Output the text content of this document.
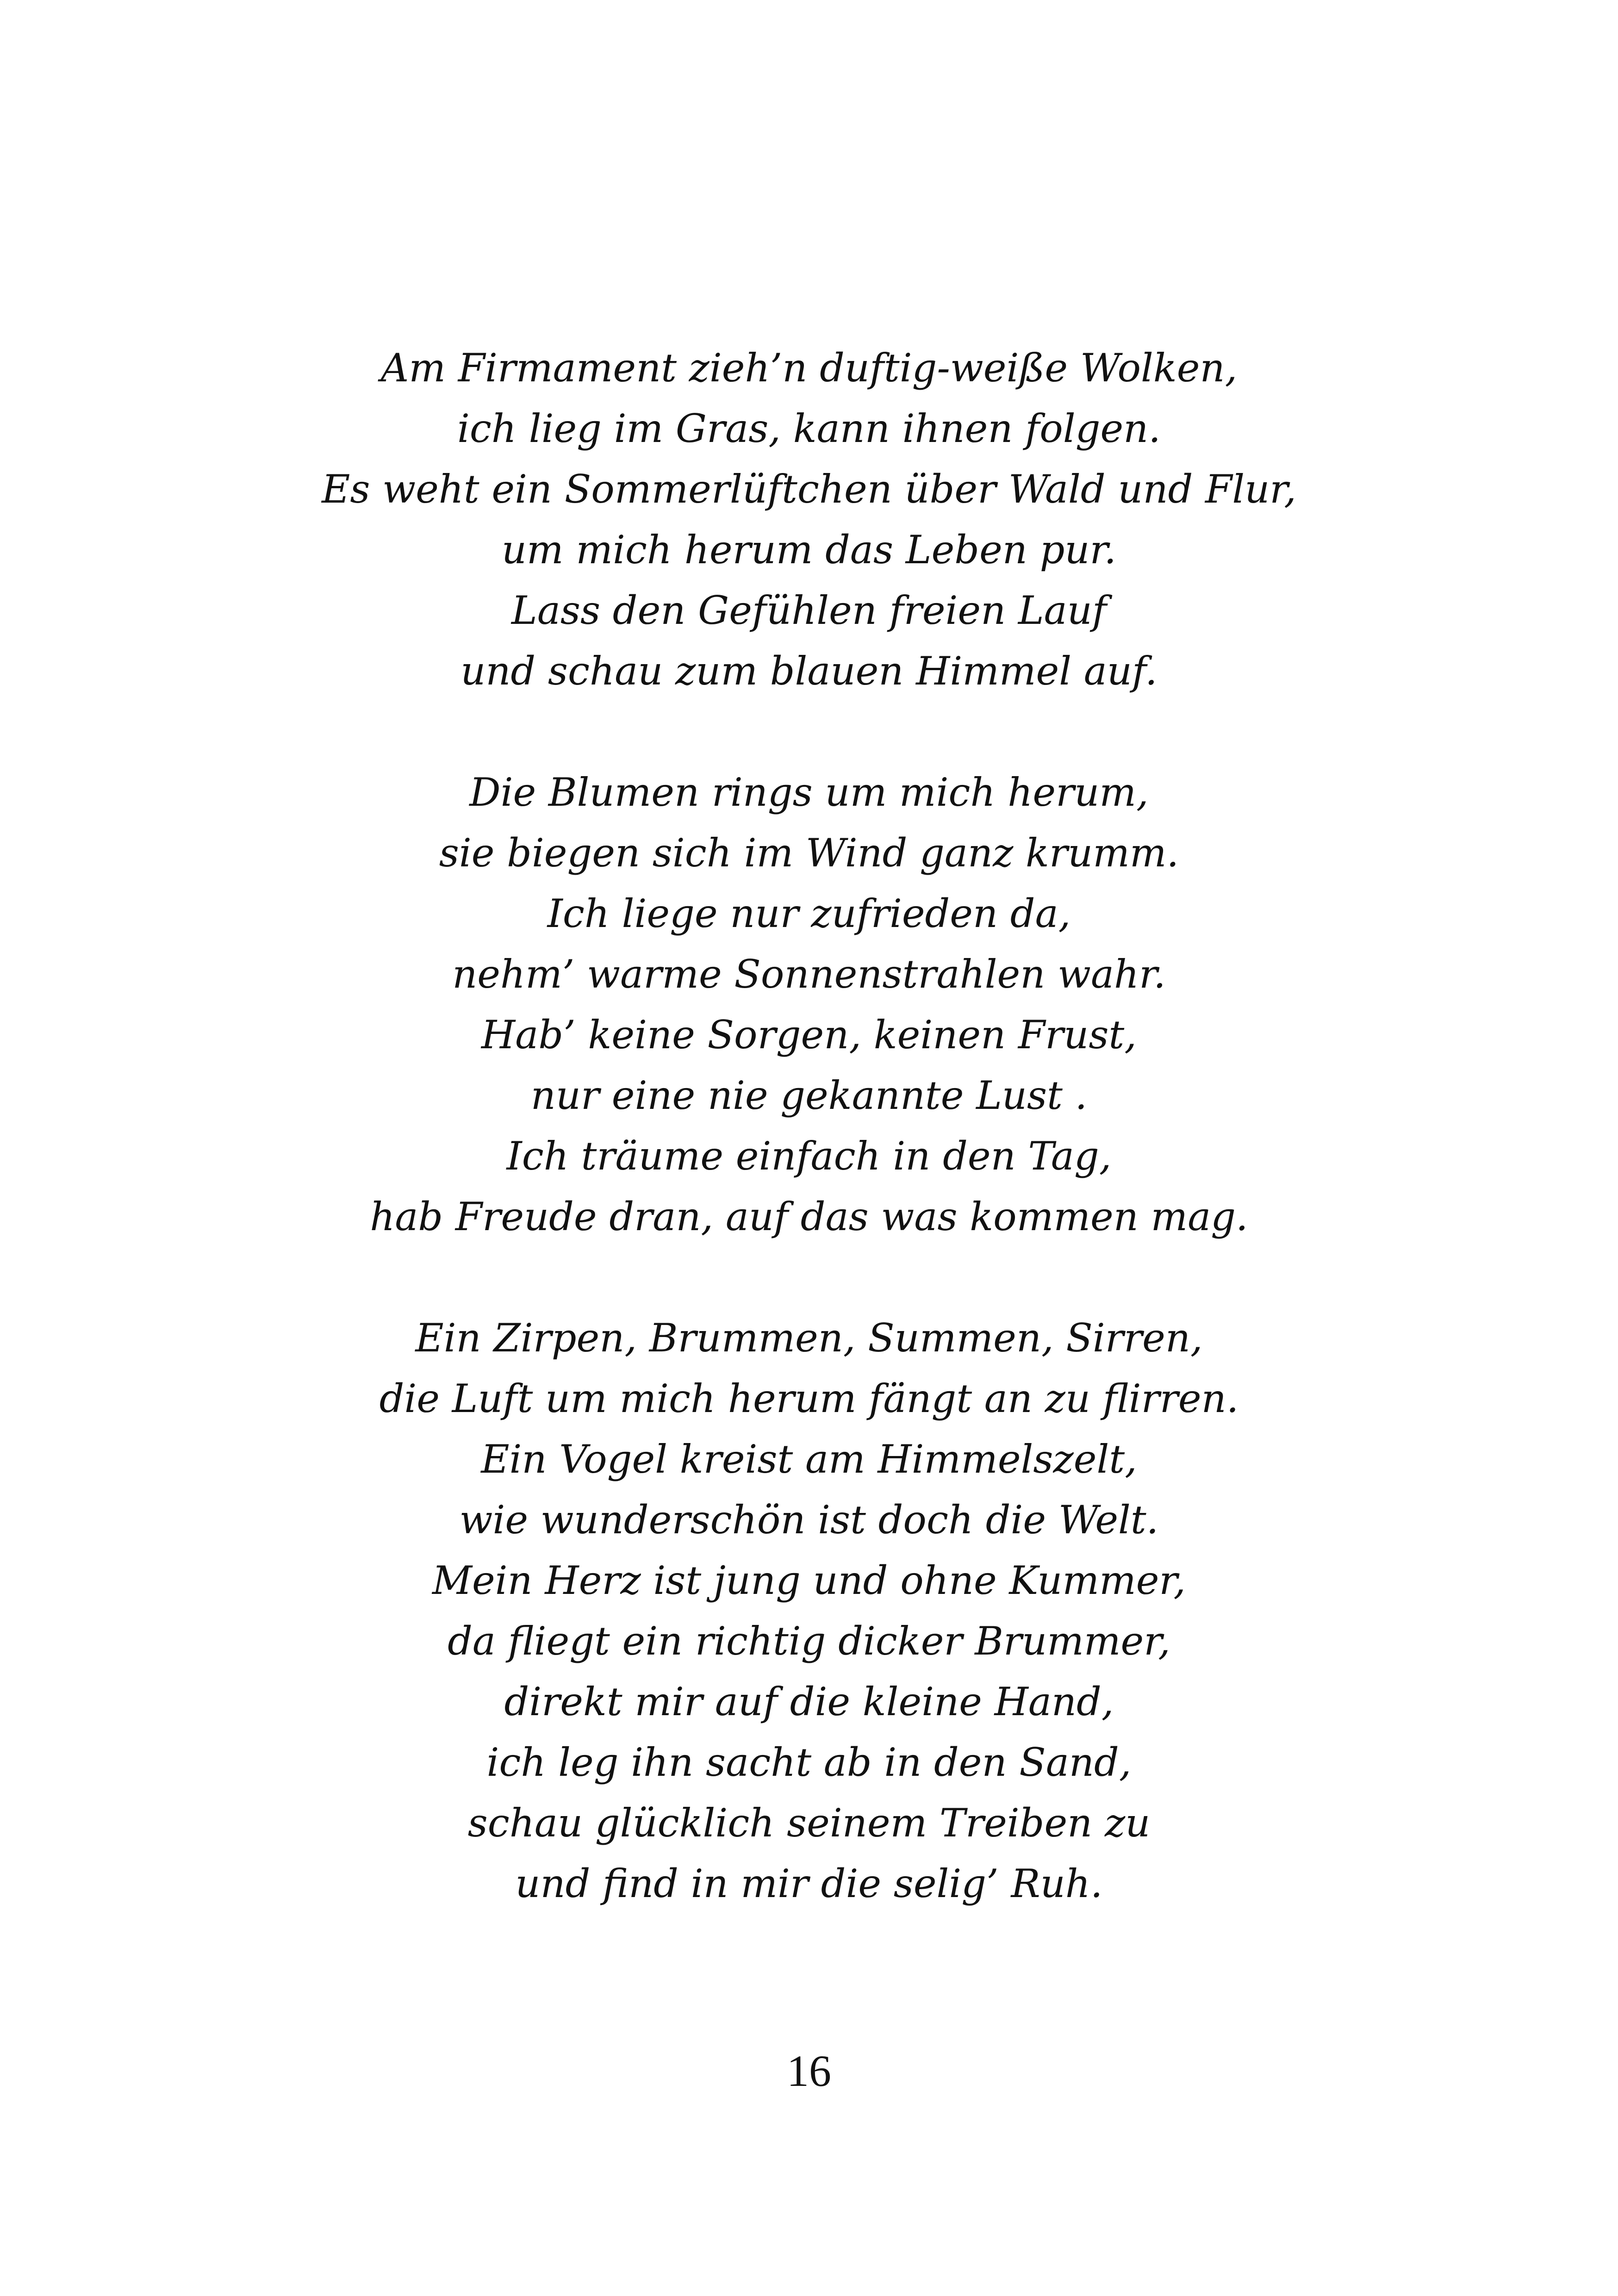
Am Firmament zieh’n duftig-weiße Wolken,
ich lieg im Gras, kann ihnen folgen.
Es weht ein Sommerlüftchen über Wald und Flur,
um mich herum das Leben pur.
Lass den Gefühlen freien Lauf
und schau zum blauen Himmel auf.
Die Blumen rings um mich herum,
sie biegen sich im Wind ganz krumm.
Ich liege nur zufrieden da,
nehm’ warme Sonnenstrahlen wahr.
Hab’ keine Sorgen, keinen Frust,
nur eine nie gekannte Lust .
Ich träume einfach in den Tag,
hab Freude dran, auf das was kommen mag.
Ein Zirpen, Brummen, Summen, Sirren,
die Luft um mich herum fängt an zu flirren.
Ein Vogel kreist am Himmelszelt,
wie wunderschön ist doch die Welt.
Mein Herz ist jung und ohne Kummer,
da fliegt ein richtig dicker Brummer,
direkt mir auf die kleine Hand,
ich leg ihn sacht ab in den Sand,
schau glücklich seinem Treiben zu
und find in mir die selig’ Ruh.
16
